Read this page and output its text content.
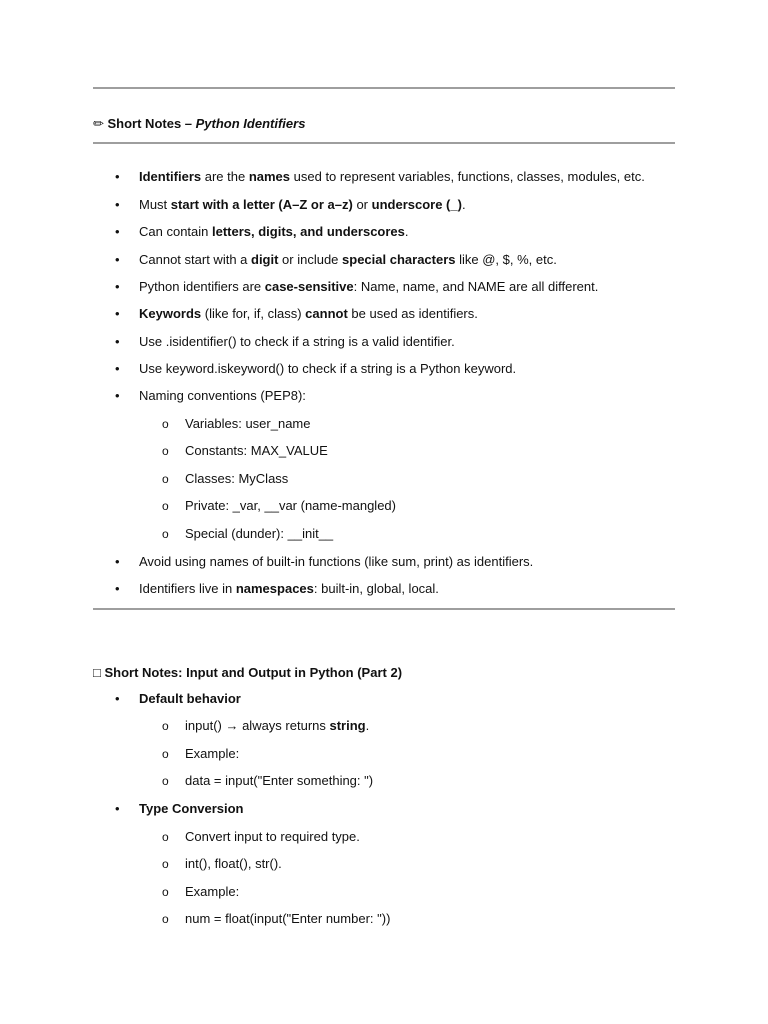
✏ Short Notes – Python Identifiers
• Identifiers are the names used to represent variables, functions, classes, modules, etc.
• Must start with a letter (A–Z or a–z) or underscore (_).
• Can contain letters, digits, and underscores.
• Cannot start with a digit or include special characters like @, $, %, etc.
• Python identifiers are case-sensitive: Name, name, and NAME are all different.
• Keywords (like for, if, class) cannot be used as identifiers.
• Use .isidentifier() to check if a string is a valid identifier.
• Use keyword.iskeyword() to check if a string is a Python keyword.
• Naming conventions (PEP8):
o Variables: user_name
o Constants: MAX_VALUE
o Classes: MyClass
o Private: _var, __var (name-mangled)
o Special (dunder): __init__
• Avoid using names of built-in functions (like sum, print) as identifiers.
• Identifiers live in namespaces: built-in, global, local.
□ Short Notes: Input and Output in Python (Part 2)
• Default behavior
o input() → always returns string.
o Example:
o data = input("Enter something: ")
• Type Conversion
o Convert input to required type.
o int(), float(), str().
o Example:
o num = float(input("Enter number: "))
